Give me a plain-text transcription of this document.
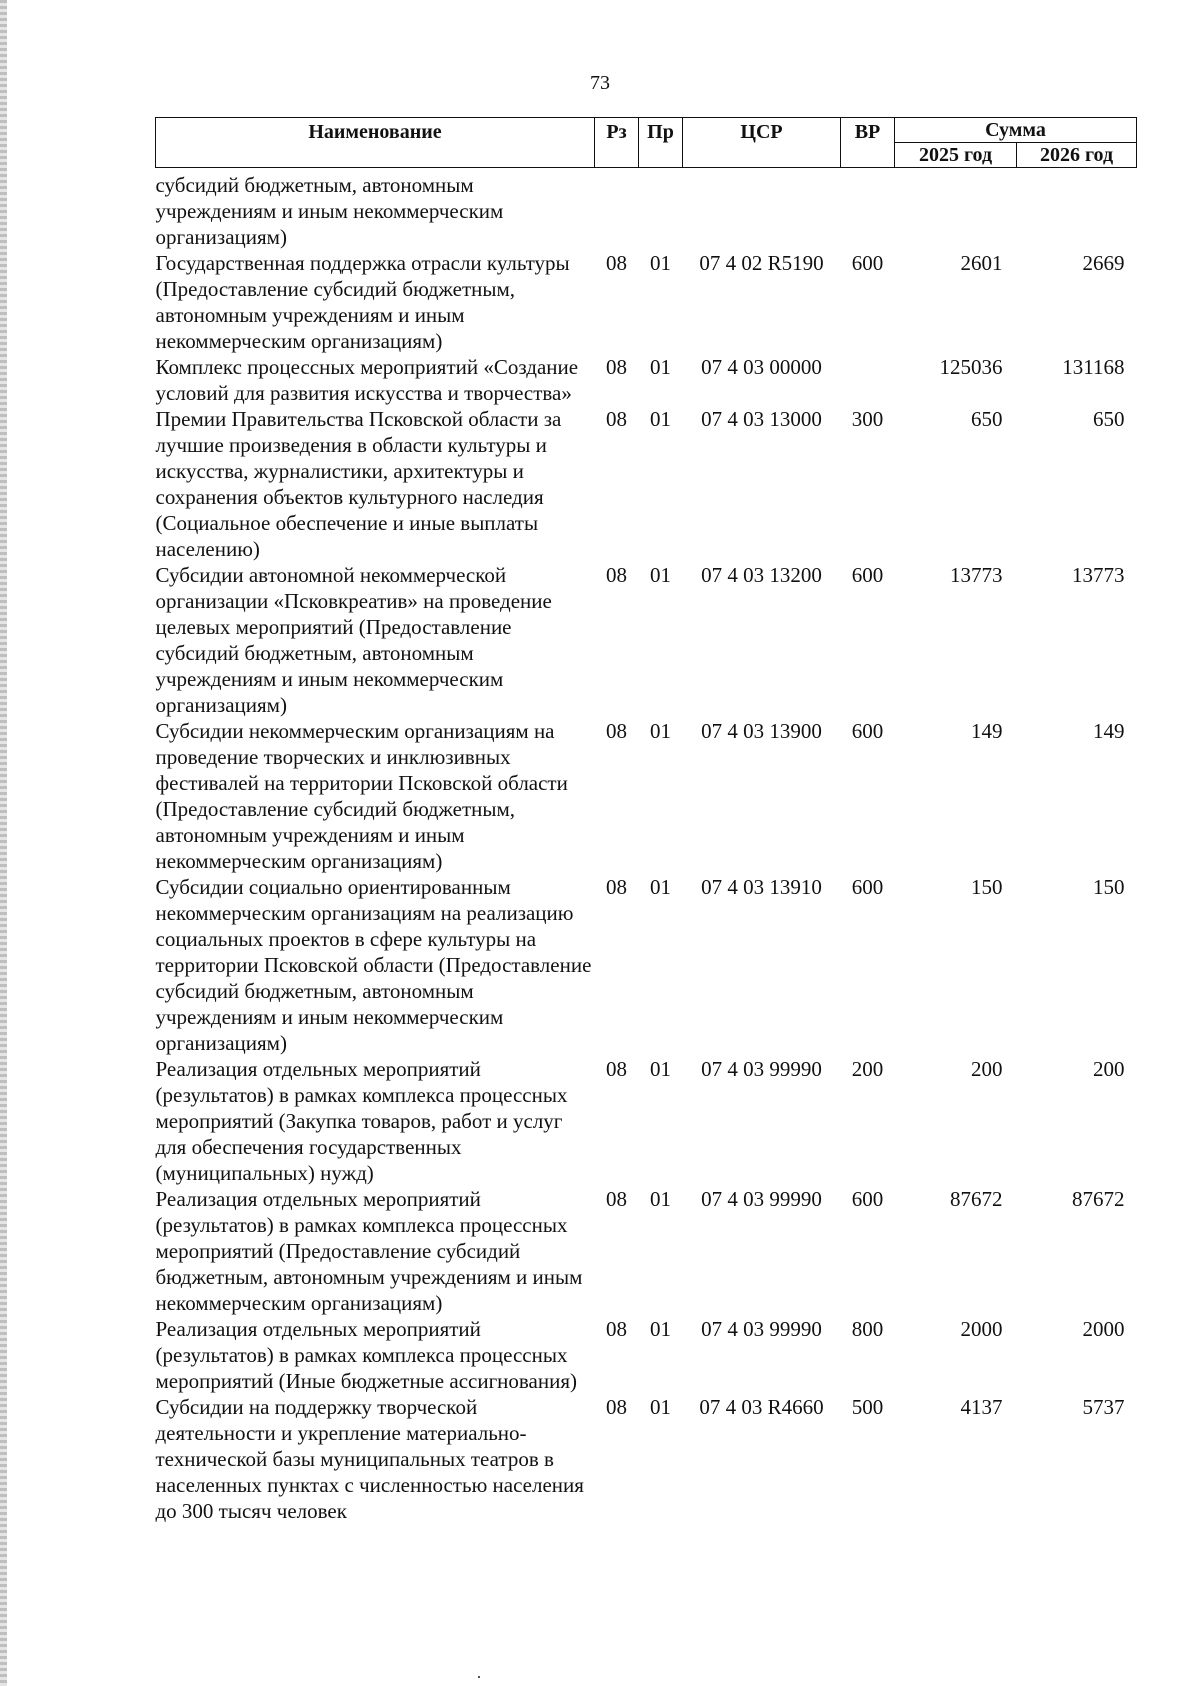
73
Наименование	Рз	Пр	ЦСР	ВР	Сумма	
					2025 год	2026 год

субсидий бюджетным, автономным учреждениям и иным некоммерческим организациям)						
Государственная поддержка отрасли культуры (Предоставление субсидий бюджетным, автономным учреждениям и иным некоммерческим организациям)	08	01	07 4 02 R5190	600	2601	2669
Комплекс процессных мероприятий «Создание условий для развития искусства и творчества»	08	01	07 4 03 00000		125036	131168
Премии Правительства Псковской области за лучшие произведения в области культуры и искусства, журналистики, архитектуры и сохранения объектов культурного наследия (Социальное обеспечение и иные выплаты населению)	08	01	07 4 03 13000	300	650	650
Субсидии автономной некоммерческой организации «Псковкреатив» на проведение целевых мероприятий (Предоставление субсидий бюджетным, автономным учреждениям и иным некоммерческим организациям)	08	01	07 4 03 13200	600	13773	13773
Субсидии некоммерческим организациям на проведение творческих и инклюзивных фестивалей на территории Псковской области (Предоставление субсидий бюджетным, автономным учреждениям и иным некоммерческим организациям)	08	01	07 4 03 13900	600	149	149
Субсидии социально ориентированным некоммерческим организациям на реализацию социальных проектов в сфере культуры на территории Псковской области (Предоставление субсидий бюджетным, автономным учреждениям и иным некоммерческим организациям)	08	01	07 4 03 13910	600	150	150
Реализация отдельных мероприятий (результатов) в рамках комплекса процессных мероприятий (Закупка товаров, работ и услуг для обеспечения государственных (муниципальных) нужд)	08	01	07 4 03 99990	200	200	200
Реализация отдельных мероприятий (результатов) в рамках комплекса процессных мероприятий (Предоставление субсидий бюджетным, автономным учреждениям и иным некоммерческим организациям)	08	01	07 4 03 99990	600	87672	87672
Реализация отдельных мероприятий (результатов) в рамках комплекса процессных мероприятий (Иные бюджетные ассигнования)	08	01	07 4 03 99990	800	2000	2000
Субсидии на поддержку творческой деятельности и укрепление материально-технической базы муниципальных театров в населенных пунктах с численностью населения до 300 тысяч человек	08	01	07 4 03 R4660	500	4137	5737
